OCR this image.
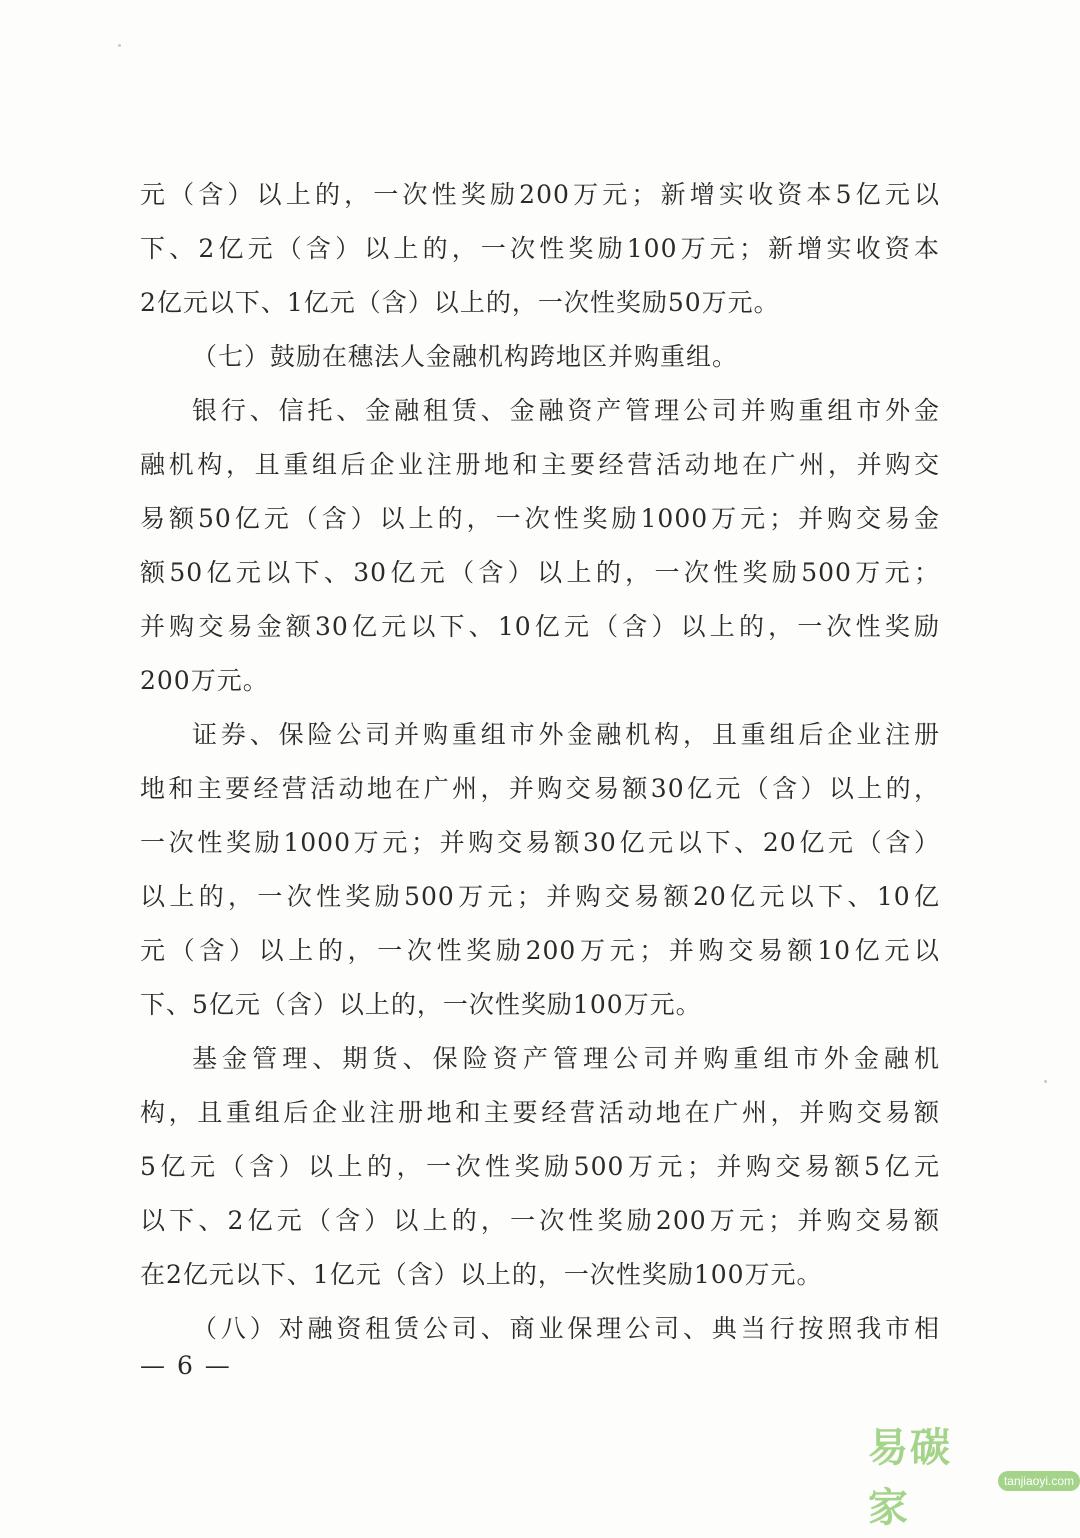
元（含）以上的，一次性奖励200万元；新增实收资本5亿元以
下、2亿元（含）以上的，一次性奖励100万元；新增实收资本
2亿元以下、1亿元（含）以上的，一次性奖励50万元。
（七）鼓励在穗法人金融机构跨地区并购重组。
银行、信托、金融租赁、金融资产管理公司并购重组市外金
融机构，且重组后企业注册地和主要经营活动地在广州，并购交
易额50亿元（含）以上的，一次性奖励1000万元；并购交易金
额50亿元以下、30亿元（含）以上的，一次性奖励500万元；
并购交易金额30亿元以下、10亿元（含）以上的，一次性奖励
200万元。
证券、保险公司并购重组市外金融机构，且重组后企业注册
地和主要经营活动地在广州，并购交易额30亿元（含）以上的，
一次性奖励1000万元；并购交易额30亿元以下、20亿元（含）
以上的，一次性奖励500万元；并购交易额20亿元以下、10亿
元（含）以上的，一次性奖励200万元；并购交易额10亿元以
下、5亿元（含）以上的，一次性奖励100万元。
基金管理、期货、保险资产管理公司并购重组市外金融机
构，且重组后企业注册地和主要经营活动地在广州，并购交易额
5亿元（含）以上的，一次性奖励500万元；并购交易额5亿元
以下、2亿元（含）以上的，一次性奖励200万元；并购交易额
在2亿元以下、1亿元（含）以上的，一次性奖励100万元。
（八）对融资租赁公司、商业保理公司、典当行按照我市相
— 6 —
易碳家
tanjiaoyi.com
